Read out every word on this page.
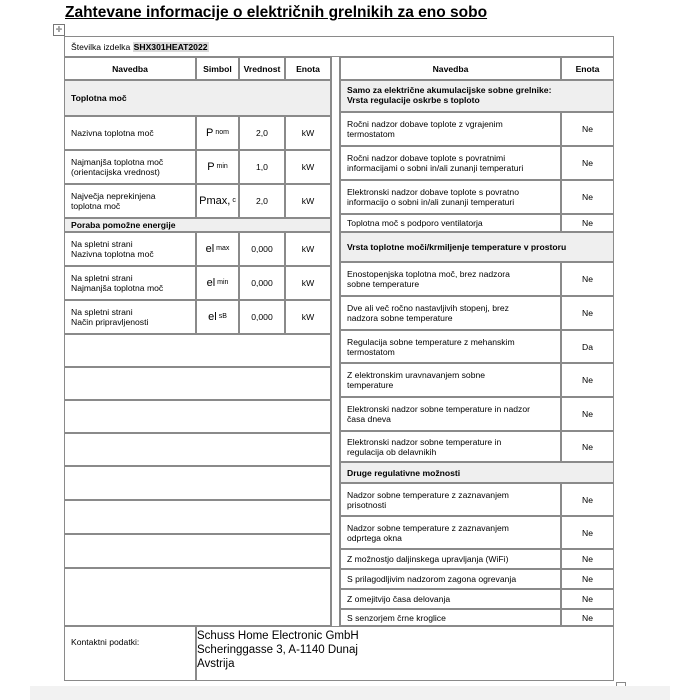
Zahtevane informacije o električnih grelnikih za eno sobo
✛
Številka izdelka
SHX301HEAT2022
Navedba	Simbol	Vrednost	Enota	Navedba	Enota
Toplotna moč
Nazivna toplotna moč	P nom	2,0	kW
Najmanjša toplotna moč
(orientacijska vrednost)	P min	1,0	kW
Največja neprekinjena
toplotna moč	Pmax, c	2,0	kW
Poraba pomožne energije
Na spletni strani
Nazivna toplotna moč	el max	0,000	kW
Na spletni strani
Najmanjša toplotna moč	el min	0,000	kW
Na spletni strani
Način pripravljenosti	el sB	0,000	kW
Samo za električne akumulacijske sobne grelnike:
Vrsta regulacije oskrbe s toploto
Ročni nadzor dobave toplote z vgrajenim
termostatom	Ne
Ročni nadzor dobave toplote s povratnimi
informacijami o sobni in/ali zunanji temperaturi	Ne
Elektronski nadzor dobave toplote s povratno
informacijo o sobni in/ali zunanji temperaturi	Ne
Toplotna moč s podporo ventilatorja	Ne
Vrsta toplotne moči/krmiljenje temperature v prostoru
Enostopenjska toplotna moč, brez nadzora
sobne temperature	Ne
Dve ali več ročno nastavljivih stopenj, brez
nadzora sobne temperature	Ne
Regulacija sobne temperature z mehanskim
termostatom	Da
Z elektronskim uravnavanjem sobne
temperature	Ne
Elektronski nadzor sobne temperature in nadzor
časa dneva	Ne
Elektronski nadzor sobne temperature in
regulacija ob delavnikih	Ne
Druge regulativne možnosti
Nadzor sobne temperature z zaznavanjem
prisotnosti	Ne
Nadzor sobne temperature z zaznavanjem
odprtega okna	Ne
Z možnostjo daljinskega upravljanja (WiFi)	Ne
S prilagodljivim nadzorom zagona ogrevanja	Ne
Z omejitvijo časa delovanja	Ne
S senzorjem črne kroglice	Ne
Kontaktni podatki:	Schuss Home Electronic GmbH
Scheringgasse 3, A-1140 Dunaj
Avstrija
